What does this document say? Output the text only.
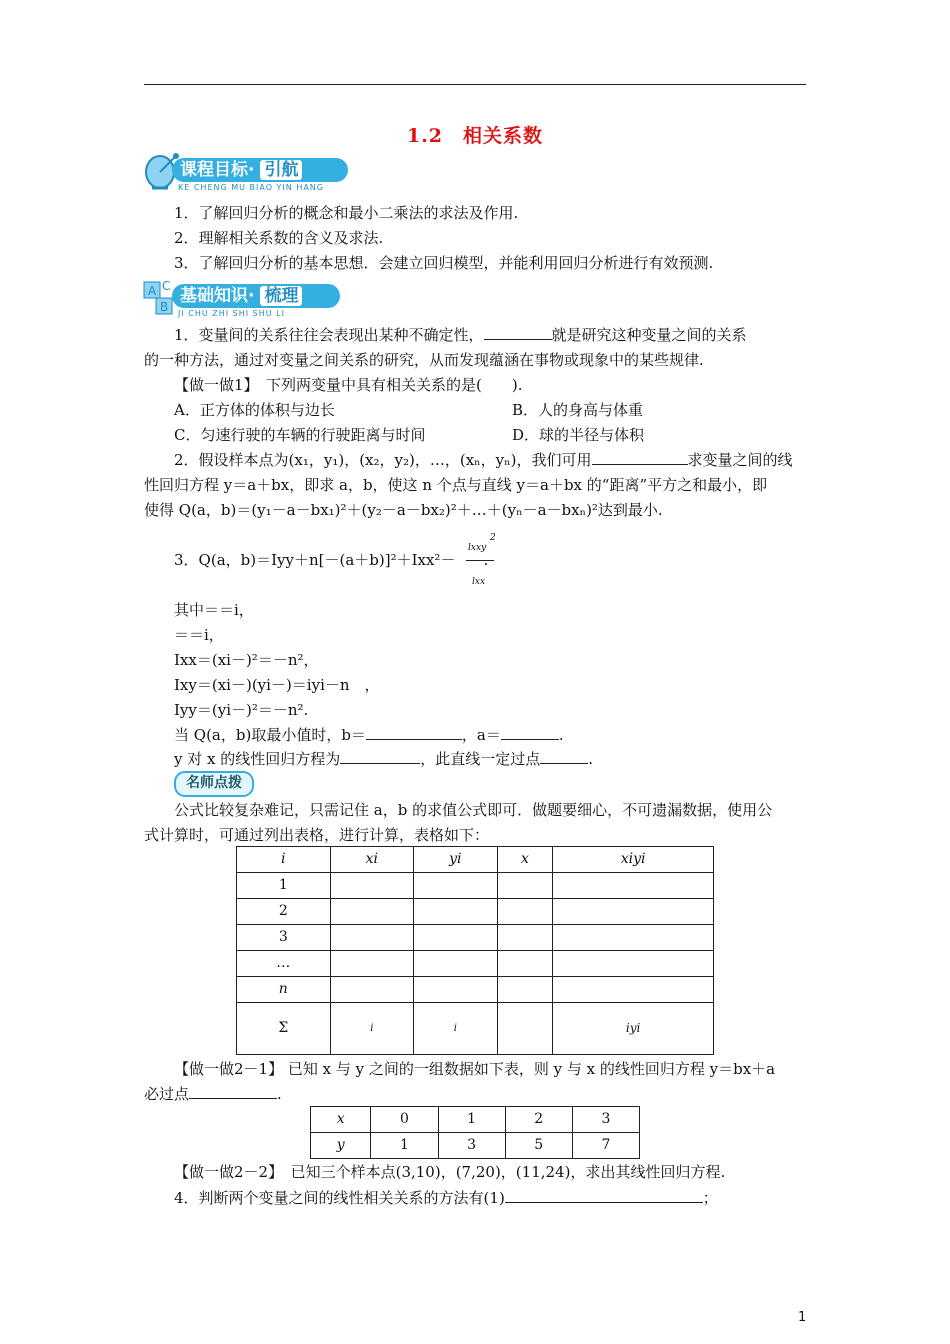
1.2　相关系数
课程目标· 引航
KE CHENG MU BIAO YIN HANG
1．了解回归分析的概念和最小二乘法的求法及作用.
2．理解相关系数的含义及求法.
3．了解回归分析的基本思想．会建立回归模型，并能利用回归分析进行有效预测.
A
B
C 基础知识· 梳理
JI CHU ZHI SHI SHU LI
1．变量间的关系往往会表现出某种不确定性，	就是研究这种变量之间的关系
的一种方法，通过对变量之间关系的研究，从而发现蕴涵在事物或现象中的某些规律.
【做一做1】　下列两变量中具有相关关系的是(　　).
A．正方体的体积与边长	B．人的身高与体重
C．匀速行驶的车辆的行驶距离与时间	D．球的半径与体积
2．假设样本点为(x₁，y₁)，(x₂，y₂)，…，(xₙ，yₙ)，我们可用	求变量之间的线
性回归方程 y＝a＋bx，即求 a，b，使这 n 个点与直线 y＝a＋bx 的“距离”平方之和最小，即
使得 Q(a，b)＝(y₁－a－bx₁)²＋(y₂－a－bx₂)²＋…＋(yₙ－a－bxₙ)²达到最小.
3．Q(a，b)＝Iyy＋n[－(a＋b)]²＋Ixx²－ .
lxxy
2
lxx
其中＝＝i，
＝＝i，
Ixx＝(xi－)²＝－n²，
Ixy＝(xi－)(yi－)＝iyi－n　，
Iyy＝(yi－)²＝－n².
当 Q(a，b)取最小值时，b＝	，a＝	.
y 对 x 的线性回归方程为	，此直线一定过点	.
名师点拨
公式比较复杂难记，只需记住 a，b 的求值公式即可．做题要细心，不可遗漏数据，使用公
式计算时，可通过列出表格，进行计算，表格如下：
i	xi	yi	x	xiyi
1				
2				
3				
…				
n				
Σ	i	i		iyi
【做一做2－1】 已知 x 与 y 之间的一组数据如下表，则 y 与 x 的线性回归方程 y＝bx＋a
必过点	.
x	0	1	2	3
y	1	3	5	7
【做一做2－2】　已知三个样本点(3,10)，(7,20)，(11,24)，求出其线性回归方程.
4．判断两个变量之间的线性相关关系的方法有(1)	；
1
